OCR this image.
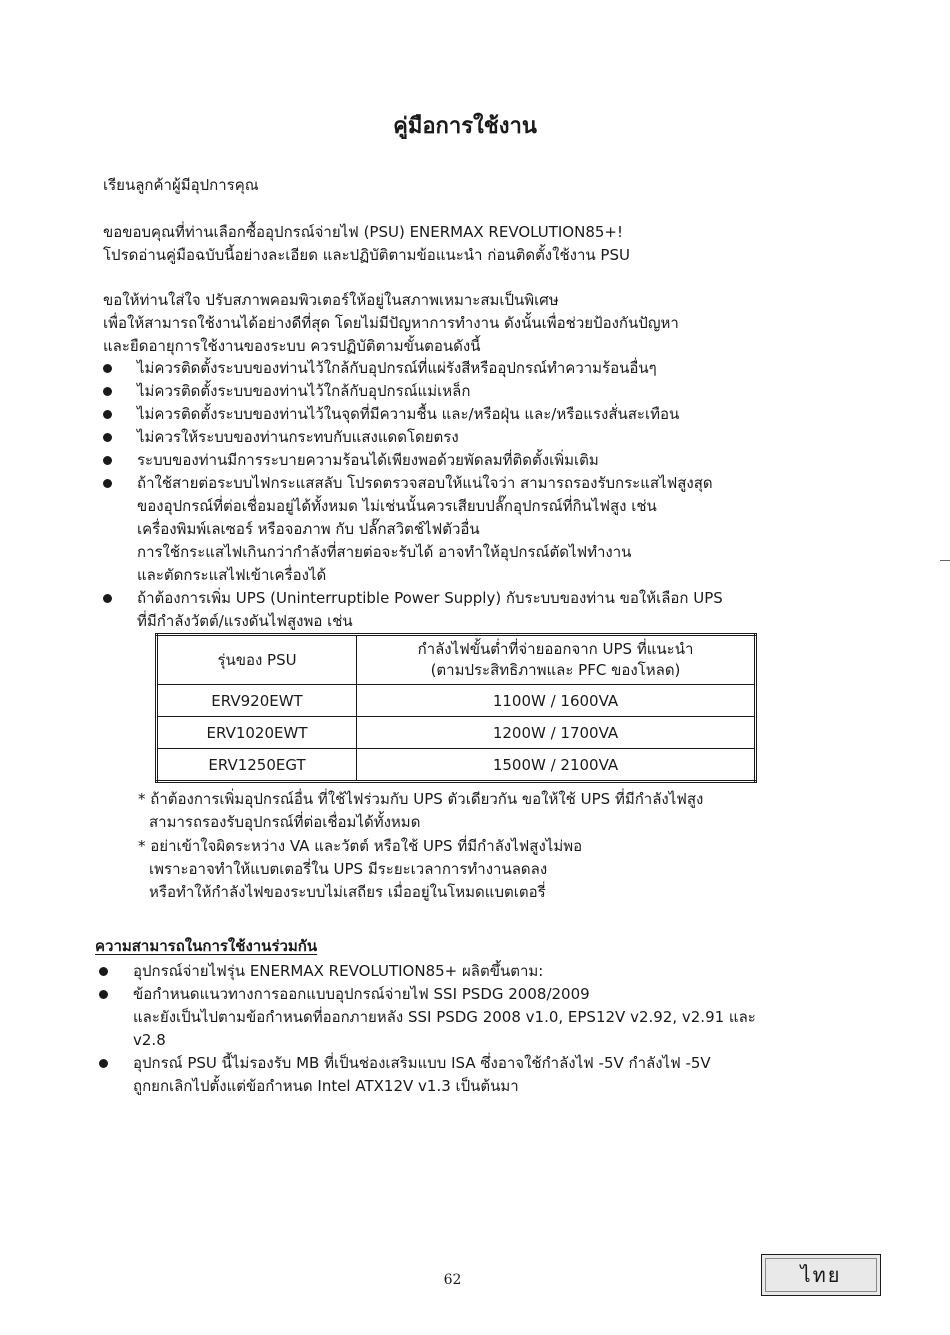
คู่มือการใช้งาน

เรียนลูกค้าผู้มีอุปการคุณ

ขอขอบคุณที่ท่านเลือกซื้ออุปกรณ์จ่ายไฟ (PSU) ENERMAX REVOLUTION85+!

โปรดอ่านคู่มือฉบับนี้อย่างละเอียด และปฏิบัติตามข้อแนะนำ ก่อนติดตั้งใช้งาน PSU

ขอให้ท่านใส่ใจ ปรับสภาพคอมพิวเตอร์ให้อยู่ในสภาพเหมาะสมเป็นพิเศษ

เพื่อให้สามารถใช้งานได้อย่างดีที่สุด โดยไม่มีปัญหาการทำงาน ดังนั้นเพื่อช่วยป้องกันปัญหา

และยืดอายุการใช้งานของระบบ ควรปฏิบัติตามขั้นตอนดังนี้

ไม่ควรติดตั้งระบบของท่านไว้ใกล้กับอุปกรณ์ที่แผ่รังสีหรืออุปกรณ์ทำความร้อนอื่นๆ
ไม่ควรติดตั้งระบบของท่านไว้ใกล้กับอุปกรณ์แม่เหล็ก
ไม่ควรติดตั้งระบบของท่านไว้ในจุดที่มีความชื้น และ/หรือฝุ่น และ/หรือแรงสั่นสะเทือน
ไม่ควรให้ระบบของท่านกระทบกับแสงแดดโดยตรง
ระบบของท่านมีการระบายความร้อนได้เพียงพอด้วยพัดลมที่ติดตั้งเพิ่มเติม
ถ้าใช้สายต่อระบบไฟกระแสสลับ โปรดตรวจสอบให้แน่ใจว่า สามารถรองรับกระแสไฟสูงสุด
ของอุปกรณ์ที่ต่อเชื่อมอยู่ได้ทั้งหมด ไม่เช่นนั้นควรเสียบปลั๊กอุปกรณ์ที่กินไฟสูง เช่น
เครื่องพิมพ์เลเซอร์ หรือจอภาพ กับ ปลั๊กสวิตช์ไฟตัวอื่น
การใช้กระแสไฟเกินกว่ากำลังที่สายต่อจะรับได้ อาจทำให้อุปกรณ์ตัดไฟทำงาน
และตัดกระแสไฟเข้าเครื่องได้
ถ้าต้องการเพิ่ม UPS (Uninterruptible Power Supply) กับระบบของท่าน ขอให้เลือก UPS
ที่มีกำลังวัตต์/แรงดันไฟสูงพอ เช่น
รุ่นของ PSU	กำลังไฟขั้นต่ำที่จ่ายออกจาก UPS ที่แนะนำ
(ตามประสิทธิภาพและ PFC ของโหลด)

ERV920EWT	1100W / 1600VA
ERV1020EWT	1200W / 1700VA
ERV1250EGT	1500W / 2100VA
* ถ้าต้องการเพิ่มอุปกรณ์อื่น ที่ใช้ไฟร่วมกับ UPS ตัวเดียวกัน ขอให้ใช้ UPS ที่มีกำลังไฟสูง
สามารถรองรับอุปกรณ์ที่ต่อเชื่อมได้ทั้งหมด
* อย่าเข้าใจผิดระหว่าง VA และวัตต์ หรือใช้ UPS ที่มีกำลังไฟสูงไม่พอ
เพราะอาจทำให้แบตเตอรี่ใน UPS มีระยะเวลาการทำงานลดลง
หรือทำให้กำลังไฟของระบบไม่เสถียร เมื่ออยู่ในโหมดแบตเตอรี่
ความสามารถในการใช้งานร่วมกัน
อุปกรณ์จ่ายไฟรุ่น ENERMAX REVOLUTION85+ ผลิตขึ้นตาม:
ข้อกำหนดแนวทางการออกแบบอุปกรณ์จ่ายไฟ SSI PSDG 2008/2009
และยังเป็นไปตามข้อกำหนดที่ออกภายหลัง SSI PSDG 2008 v1.0, EPS12V v2.92, v2.91 และ
v2.8
อุปกรณ์ PSU นี้ไม่รองรับ MB ที่เป็นช่องเสริมแบบ ISA ซึ่งอาจใช้กำลังไฟ -5V กำลังไฟ -5V
ถูกยกเลิกไปตั้งแต่ข้อกำหนด Intel ATX12V v1.3 เป็นต้นมา
62	ไทย
